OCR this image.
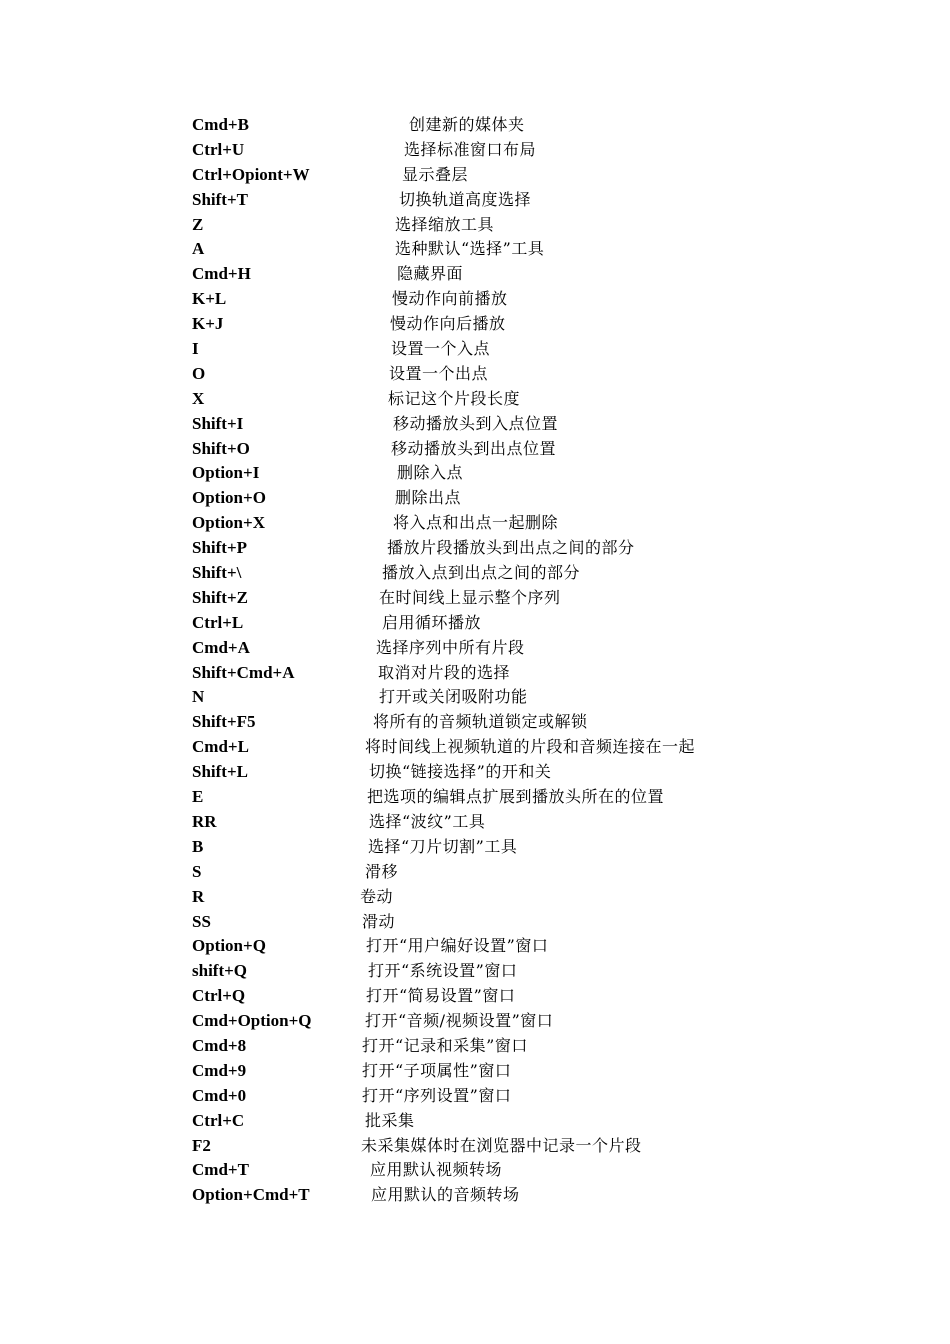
Cmd+B	创建新的媒体夹
Ctrl+U	选择标准窗口布局
Ctrl+Opiont+W	显示叠层
Shift+T	切换轨道高度选择
Z	选择缩放工具
A	选种默认“选择”工具
Cmd+H	隐藏界面
K+L	慢动作向前播放
K+J	慢动作向后播放
I	设置一个入点
O	设置一个出点
X	标记这个片段长度
Shift+I	移动播放头到入点位置
Shift+O	移动播放头到出点位置
Option+I	删除入点
Option+O	删除出点
Option+X	将入点和出点一起删除
Shift+P	播放片段播放头到出点之间的部分
Shift+\	播放入点到出点之间的部分
Shift+Z	在时间线上显示整个序列
Ctrl+L	启用循环播放
Cmd+A	选择序列中所有片段
Shift+Cmd+A	取消对片段的选择
N	打开或关闭吸附功能
Shift+F5	将所有的音频轨道锁定或解锁
Cmd+L	将时间线上视频轨道的片段和音频连接在一起
Shift+L	切换“链接选择”的开和关
E	把选项的编辑点扩展到播放头所在的位置
RR	选择“波纹”工具
B	选择“刀片切割”工具
S	滑移
R	卷动
SS	滑动
Option+Q	打开“用户编好设置”窗口
shift+Q	打开“系统设置”窗口
Ctrl+Q	打开“简易设置”窗口
Cmd+Option+Q	打开“音频/视频设置”窗口
Cmd+8	打开“记录和采集”窗口
Cmd+9	打开“子项属性”窗口
Cmd+0	打开“序列设置”窗口
Ctrl+C	批采集
F2	未采集媒体时在浏览器中记录一个片段
Cmd+T	应用默认视频转场
Option+Cmd+T	应用默认的音频转场
